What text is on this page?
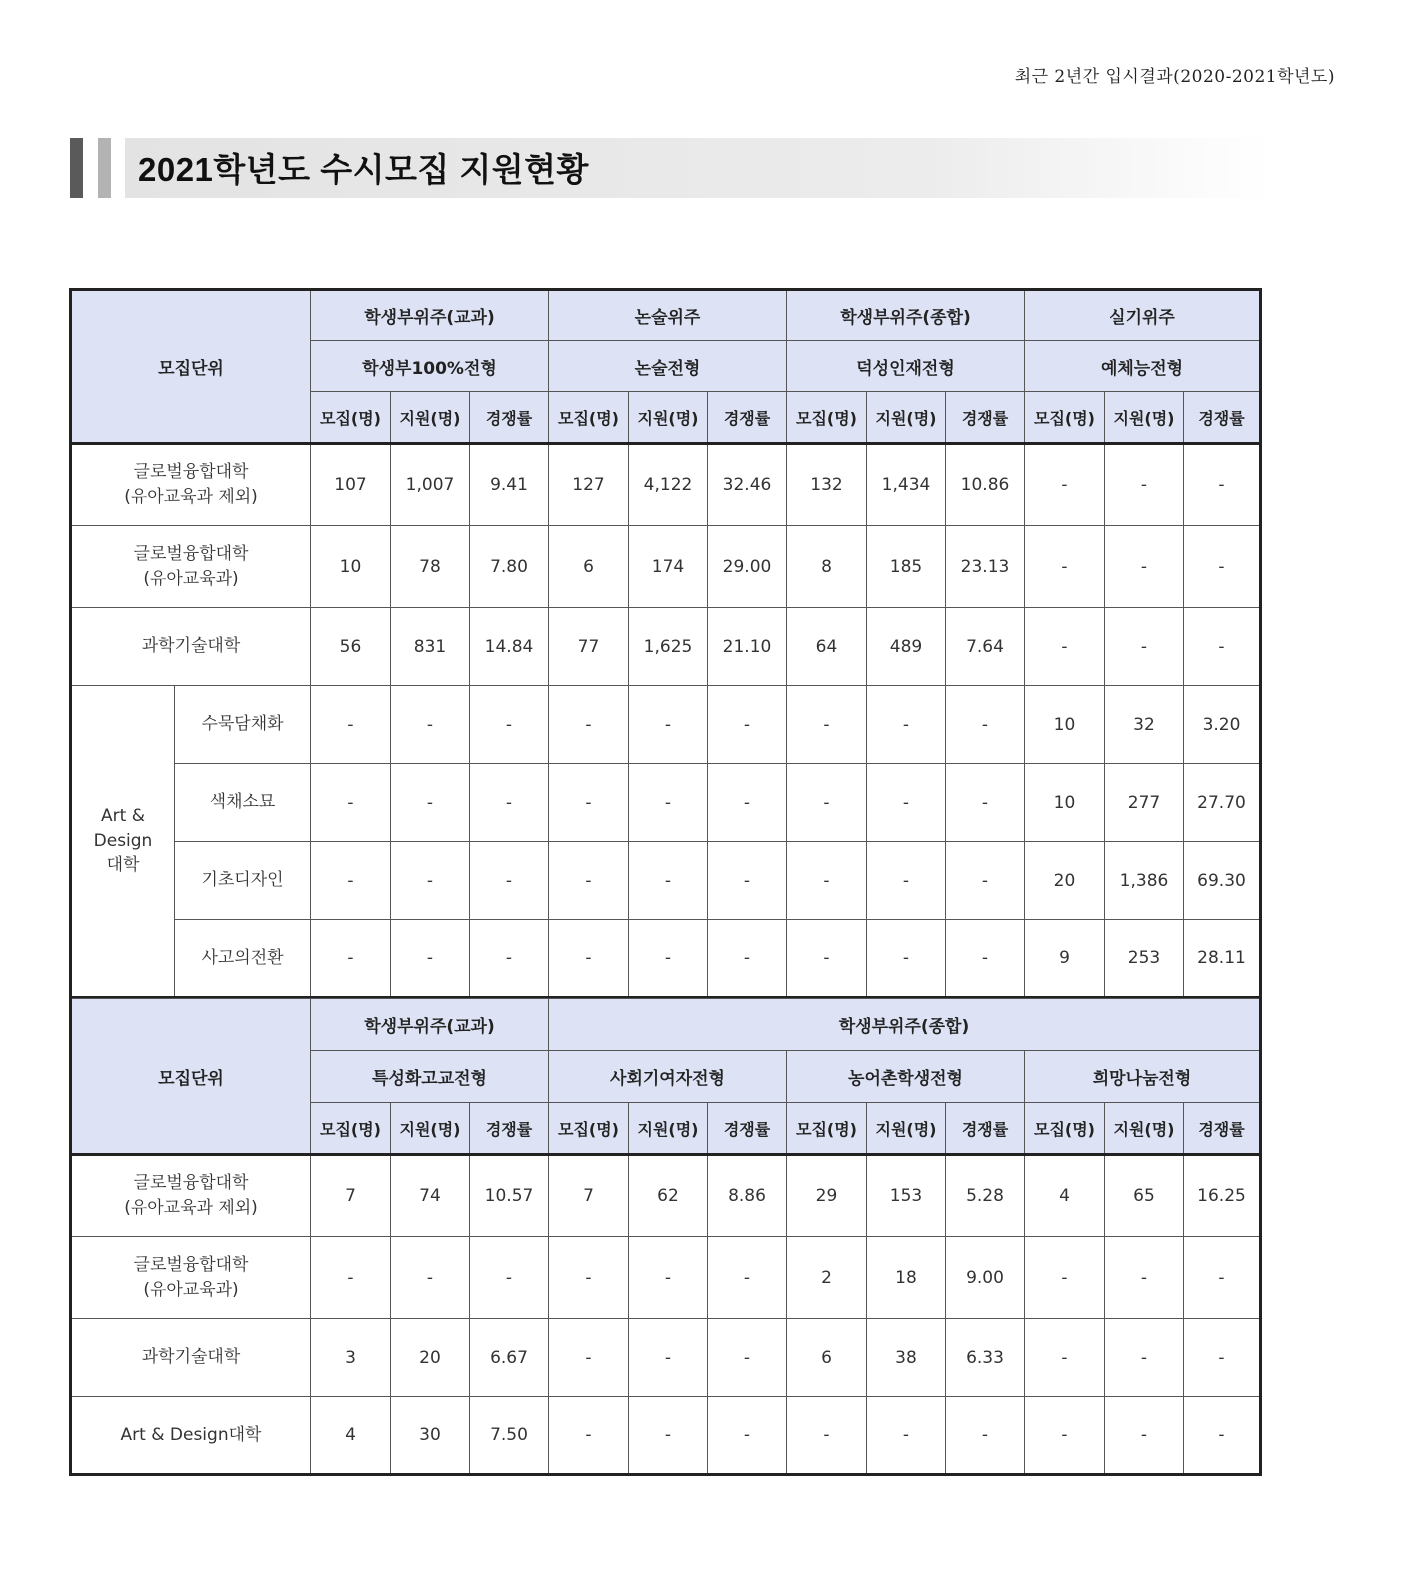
최근 2년간 입시결과(2020-2021학년도)
2021학년도 수시모집 지원현황
모집단위		학생부위주(교과)			논술위주			학생부위주(종합)			실기위주		
		학생부100%전형			논술전형			덕성인재전형			예체능전형		
		모집(명)	지원(명)	경쟁률	모집(명)	지원(명)	경쟁률	모집(명)	지원(명)	경쟁률	모집(명)	지원(명)	경쟁률

글로벌융합대학
(유아교육과 제외)		107	1,007	9.41	127	4,122	32.46	132	1,434	10.86	-	-	-

글로벌융합대학
(유아교육과)		10	78	7.80	6	174	29.00	8	185	23.13	-	-	-
과학기술대학		56	831	14.84	77	1,625	21.10	64	489	7.64	-	-	-

Art &
Design
대학	수묵담채화	-	-	-	-	-	-	-	-	-	10	32	3.20
	색채소묘	-	-	-	-	-	-	-	-	-	10	277	27.70
	기초디자인	-	-	-	-	-	-	-	-	-	20	1,386	69.30
	사고의전환	-	-	-	-	-	-	-	-	-	9	253	28.11
모집단위	학생부위주(교과)			학생부위주(종합)								
	특성화고교전형			사회기여자전형			농어촌학생전형			희망나눔전형		
	모집(명)	지원(명)	경쟁률	모집(명)	지원(명)	경쟁률	모집(명)	지원(명)	경쟁률	모집(명)	지원(명)	경쟁률

글로벌융합대학
(유아교육과 제외)	7	74	10.57	7	62	8.86	29	153	5.28	4	65	16.25

글로벌융합대학
(유아교육과)	-	-	-	-	-	-	2	18	9.00	-	-	-
과학기술대학	3	20	6.67	-	-	-	6	38	6.33	-	-	-
Art & Design대학	4	30	7.50	-	-	-	-	-	-	-	-	-
